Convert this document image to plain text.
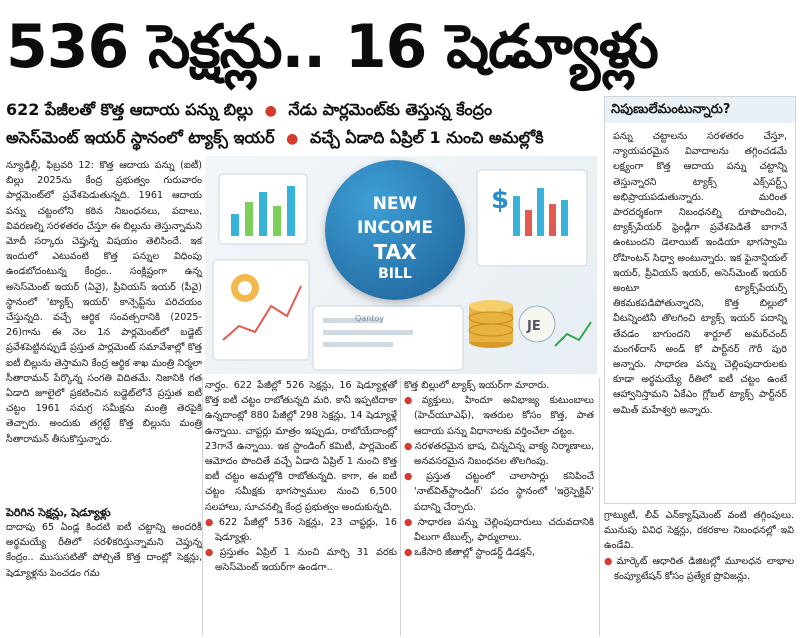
536 సెక్షన్లు.. 16 షెడ్యూళ్లు
622 పేజీలతో కొత్త ఆదాయ పన్ను బిల్లు ● నేడు పార్లమెంట్‌కు తెస్తున్న కేంద్రం
అసెస్‌మెంట్ ఇయర్ స్థానంలో ట్యాక్స్ ఇయర్ ● వచ్చే ఏడాది ఏప్రిల్ 1 నుంచి అమల్లోకి
న్యూఢిల్లీ, ఫిబ్రవరి 12: కొత్త ఆదాయ పన్ను (ఐటీ) బిల్లు 2025ను కేంద్ర ప్రభుత్వం గురువారం పార్లమెంట్‌లో ప్రవేశపెడుతున్నది. 1961 ఆదాయ పన్ను చట్టంలోని కఠిన నిబంధనలు, పదాలు, వివరణల్ని సరళతరం చేస్తూ ఈ బిల్లును తెస్తున్నామని మోదీ సర్కారు చెప్తున్న విషయం తెలిసిందే. ఇక ఇందులో ఎటువంటి కొత్త పన్నుల విధింపు ఉండబోదంటున్న కేంద్రం.. సంక్లిష్టంగా ఉన్న అసెస్‌మెంట్ ఇయర్ (ఏవై), ప్రీవియస్ ఇయర్ (పీవై) స్థానంలో 'ట్యాక్స్ ఇయర్' కాన్సెప్ట్‌ను పరిచయం చేస్తున్నది. వచ్చే ఆర్థిక సంవత్సరానికి (2025-26)గాను ఈ నెల 1న పార్లమెంట్‌లో బడ్జెట్ ప్రవేశపెట్టినప్పుడే ప్రస్తుత పార్లమెంట్ సమావేశాల్లో కొత్త ఐటీ బిల్లును తెస్తామని కేంద్ర ఆర్థిక శాఖ మంత్రి నిర్మలా సీతారామన్ పేర్కొన్న సంగతి విదితమే. నిజానికి గత ఏడాది జూలైలో ప్రకటించిన బడ్జెట్‌లోనే ప్రస్తుత ఐటీ చట్టం 1961 సమగ్ర సమీక్షను మంత్రి తెరపైకి తెచ్చారు. అందుకు తగ్గట్టే కొత్త బిల్లును మంత్రి సీతారామన్ తీసుకొస్తున్నారు.
$
JE
NEW
INCOME
TAX
BILL
Qantoy
నార్హం. 622 పేజీల్లో 526 సెక్షన్లు, 16 షెడ్యూళ్లతో కొత్త ఐటీ చట్టం రాబోతున్నది మరి. కానీ ఇప్పటిదాకా ఉన్నదాంట్లో 880 పేజీల్లో 298 సెక్షన్లు, 14 షెడ్యూళ్లే ఉన్నాయి. చాప్టర్లు మాత్రం ఇప్పుడు, రాబోయేదాంట్లో 23గానే ఉన్నాయి. ఇక స్టాండింగ్ కమిటీ, పార్లమెంట్ ఆమోదం పొందితే వచ్చే ఏడాది ఏప్రిల్ 1 నుంచి కొత్త ఐటీ చట్టం అమల్లోకి రాబోతున్నది. కాగా, ఈ ఐటీ చట్టం సమీక్షకు భాగస్వాముల నుంచి 6,500 సలహాలు, సూచనల్ని కేంద్ర ప్రభుత్వం అందుకున్నది.

● 622 పేజీల్లో 536 సెక్షన్లు, 23 చాప్టర్లు, 16 షెడ్యూళ్లు.

● ప్రస్తుతం ఏప్రిల్ 1 నుంచి మార్చి 31 వరకు అసెస్‌మెంట్ ఇయర్‌గా ఉండగా..

కొత్త బిల్లులో ట్యాక్స్ ఇయర్‌గా మారారు.

● వ్యక్తులు, హిందూ అవిభాజ్య కుటుంబాలు (హెచ్‌యూఎఫ్), ఇతరుల కోసం కొత్త, పాత ఆదాయ పన్ను విధానాలకు వర్తించేలా చట్టం.

● సరళతరమైన భాష, చిన్నచిన్న వాక్య నిర్మాణాలు, అనవసరమైన నిబంధనల తొలగింపు.

● ప్రస్తుత చట్టంలో చాలాసార్లు కనిపించే 'నాట్‌విత్‌స్టాండింగ్' పదం స్థానంలో 'ఇర్రెస్పెక్టివ్' పదాన్ని చేర్చారు.

● సాధారణ పన్ను చెల్లింపుదారులు చదువదానికి వీలుగా టేబుల్స్, ఫార్ములాలు.

● ఒకేసారి జీతాల్లో స్టాండర్డ్ డిడక్షన్,

పెరిగిన సెక్షన్లు, షెడ్యూళ్లు
దాదాపు 65 ఏండ్ల కిందటి ఐటీ చట్టాన్ని అందరికీ అర్థమయ్యే రీతిలో సరళీకరిస్తున్నామని చెప్తున్న కేంద్రం.. ముసుసటితో పోల్చితే కొత్త దాంట్లో సెక్షన్లు, షెడ్యూళ్లను పెంచడం గమ
నిపుణులేమంటున్నారు?
పన్ను చట్టాలను సరళతరం చేస్తూ, న్యాయపరమైన వివాదాలను తగ్గించడమే లక్ష్యంగా కొత్త ఆదాయ పన్ను చట్టాన్ని తెస్తున్నారని ట్యాక్స్ ఎక్స్‌పర్ట్స్ అభిప్రాయపడుతున్నారు. మరింత పారదర్శకంగా నిబంధనల్ని రూపొందించి, ట్యాక్స్‌పేయర్ ఫ్రెండ్లీగా ప్రవేశపెడితే బాగానే ఉంటుందని డెలాయిట్ ఇండియా భాగస్వామి రోహింటన్ సిధ్వా అంటున్నారు. ఇక ఫైనాన్షియల్ ఇయర్, ప్రీవియస్ ఇయర్, అసెస్‌మెంట్ ఇయర్ అంటూ ట్యాక్స్‌పేయర్స్ తికమకపడిపోతున్నారని, కొత్త బిల్లులో వీటన్నింటినీ తొలగించి ట్యాక్స్ ఇయర్ పదాన్ని తేవడం బాగుందని శార్దూల్ అమర్‌చంద్ మంగళ్‌దాస్ అండ్ కో పార్ట్‌నర్ గౌరీ పురి అన్నారు. సాధారణ పన్ను చెల్లింపుదారులకు కూడా అర్థమయ్యే రీతిలో ఐటీ చట్టం ఉంటే ఆహ్వానిస్తామని ఏకేఎం గ్లోబల్ ట్యాక్స్ పార్ట్‌నర్ అమిత్ మహేశ్వరి అన్నారు.
గ్రాట్యుటీ, లీవ్ ఎన్‌క్యాష్‌మెంట్ వంటి తగ్గింపులు. మునుపు వివిధ సెక్షన్లు, రకరకాల నిబంధనల్లో ఇవి ఉండేవి.

● మార్కెట్ ఆధారిత డిజిటల్లో మూలధన లాభాల కంప్యూటేషన్ కోసం ప్రత్యేక ప్రొవిజన్లు.
